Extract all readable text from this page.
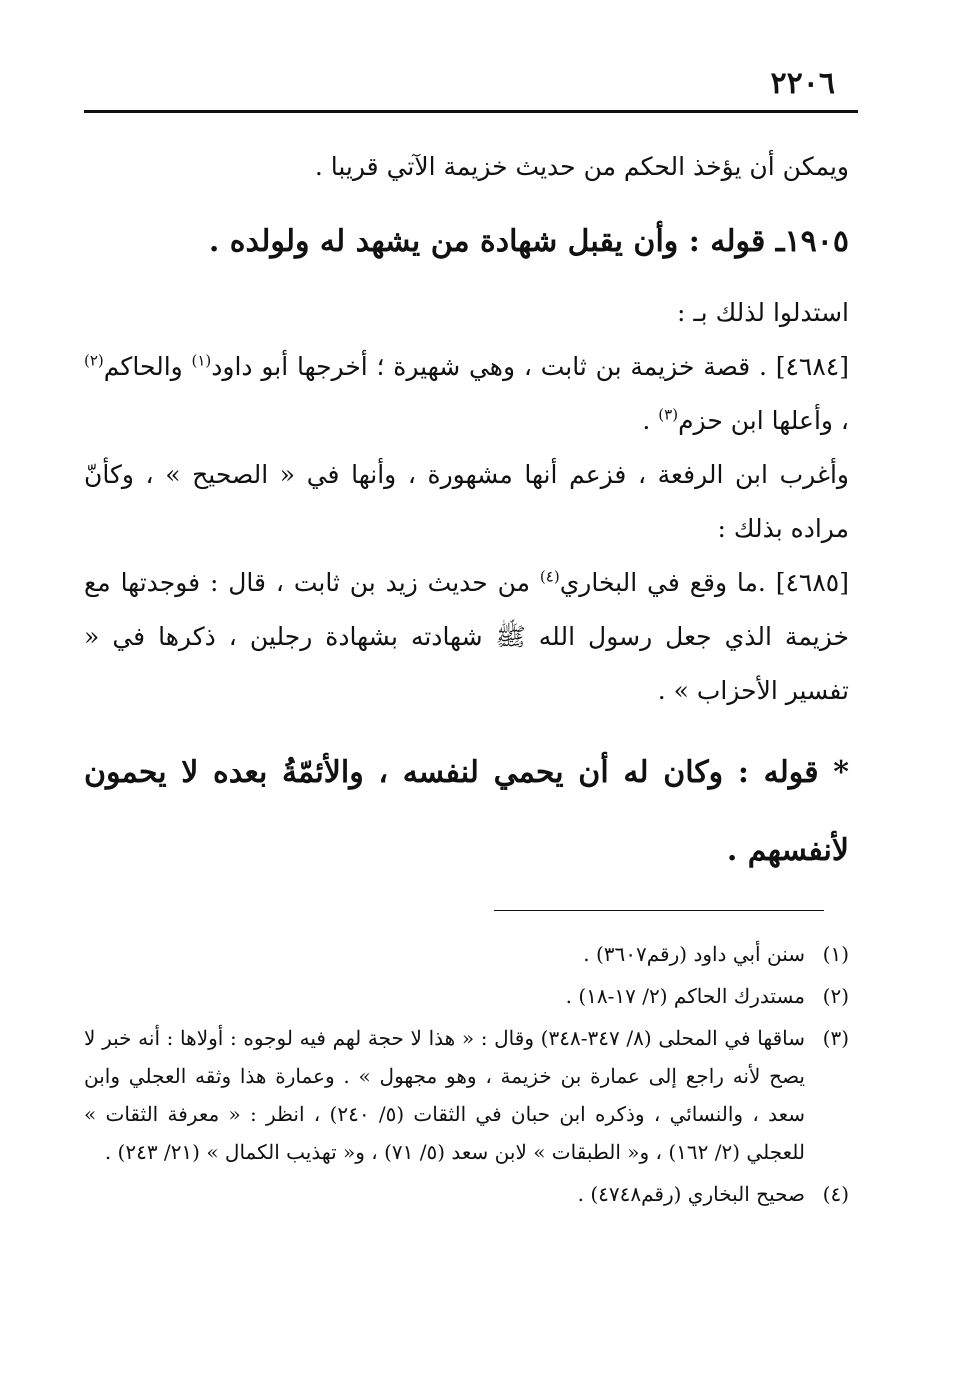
٢٢٠٦

ويمكن أن يؤخذ الحكم من حديث خزيمة الآتي قريبا .

١٩٠٥ـ قوله : وأن يقبل شهادة من يشهد له ولولده .

استدلوا لذلك بـ :

[٤٦٨٤] . قصة خزيمة بن ثابت ، وهي شهيرة ؛ أخرجها أبو داود$^{(١)}$ والحاكم$^{(٢)}$ ، وأعلها ابن حزم$^{(٣)}$ .

وأغرب ابن الرفعة ، فزعم أنها مشهورة ، وأنها في « الصحيح » ، وكأنّ مراده بذلك :

[٤٦٨٥] .ما وقع في البخاري$^{(٤)}$ من حديث زيد بن ثابت ، قال : فوجدتها مع خزيمة الذي جعل رسول الله ﷺ شهادته بشهادة رجلين ، ذكرها في « تفسير الأحزاب » .

* قوله : وكان له أن يحمي لنفسه ، والأئمّةُ بعده لا يحمون لأنفسهم .

(١)
سنن أبي داود (رقم٣٦٠٧) .
(٢)
مستدرك الحاكم (٢/ ١٧-١٨) .
(٣)
ساقها في المحلى (٨/ ٣٤٧-٣٤٨) وقال : « هذا لا حجة لهم فيه لوجوه : أولاها : أنه خبر لا يصح لأنه راجع إلى عمارة بن خزيمة ، وهو مجهول » . وعمارة هذا وثقه العجلي وابن سعد ، والنسائي ، وذكره ابن حبان في الثقات (٥/ ٢٤٠) ، انظر : « معرفة الثقات » للعجلي (٢/ ١٦٢) ، و« الطبقات » لابن سعد (٥/ ٧١) ، و« تهذيب الكمال » (٢١/ ٢٤٣) .
(٤)
صحيح البخاري (رقم٤٧٤٨) .
